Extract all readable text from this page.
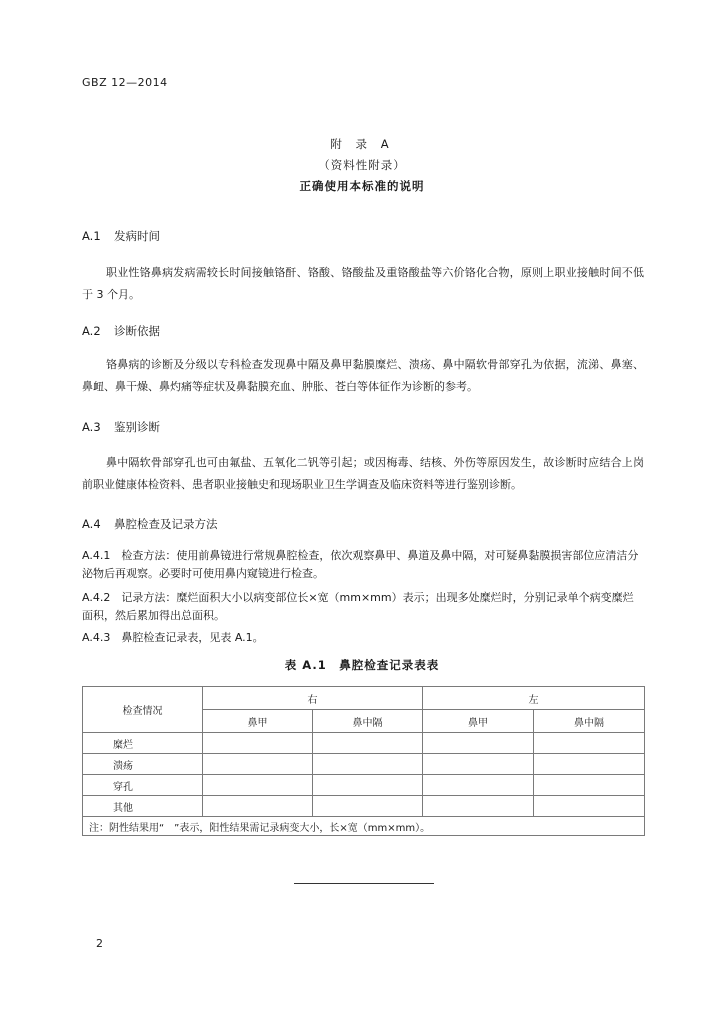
GBZ 12—2014
附 录 A
（资料性附录）
正确使用本标准的说明
A.1 发病时间
职业性铬鼻病发病需较长时间接触铬酐、铬酸、铬酸盐及重铬酸盐等六价铬化合物，原则上职业接触时间不低于 3 个月。
A.2 诊断依据
铬鼻病的诊断及分级以专科检查发现鼻中隔及鼻甲黏膜糜烂、溃疡、鼻中隔软骨部穿孔为依据，流涕、鼻塞、鼻衄、鼻干燥、鼻灼痛等症状及鼻黏膜充血、肿胀、苍白等体征作为诊断的参考。
A.3 鉴别诊断
鼻中隔软骨部穿孔也可由氟盐、五氧化二钒等引起；或因梅毒、结核、外伤等原因发生，故诊断时应结合上岗前职业健康体检资料、患者职业接触史和现场职业卫生学调查及临床资料等进行鉴别诊断。
A.4 鼻腔检查及记录方法
A.4.1　检查方法：使用前鼻镜进行常规鼻腔检查，依次观察鼻甲、鼻道及鼻中隔，对可疑鼻黏膜损害部位应清洁分泌物后再观察。必要时可使用鼻内窥镜进行检查。
A.4.2　记录方法：糜烂面积大小以病变部位长×宽（mm×mm）表示；出现多处糜烂时，分别记录单个病变糜烂面积，然后累加得出总面积。
A.4.3　鼻腔检查记录表，见表 A.1。
表 A.1　鼻腔检查记录表表
检查情况	右		左	
	鼻甲	鼻中隔	鼻甲	鼻中隔
糜烂				
溃疡				
穿孔				
其他				
注：阴性结果用“　”表示，阳性结果需记录病变大小，长×宽（mm×mm）。				
2
